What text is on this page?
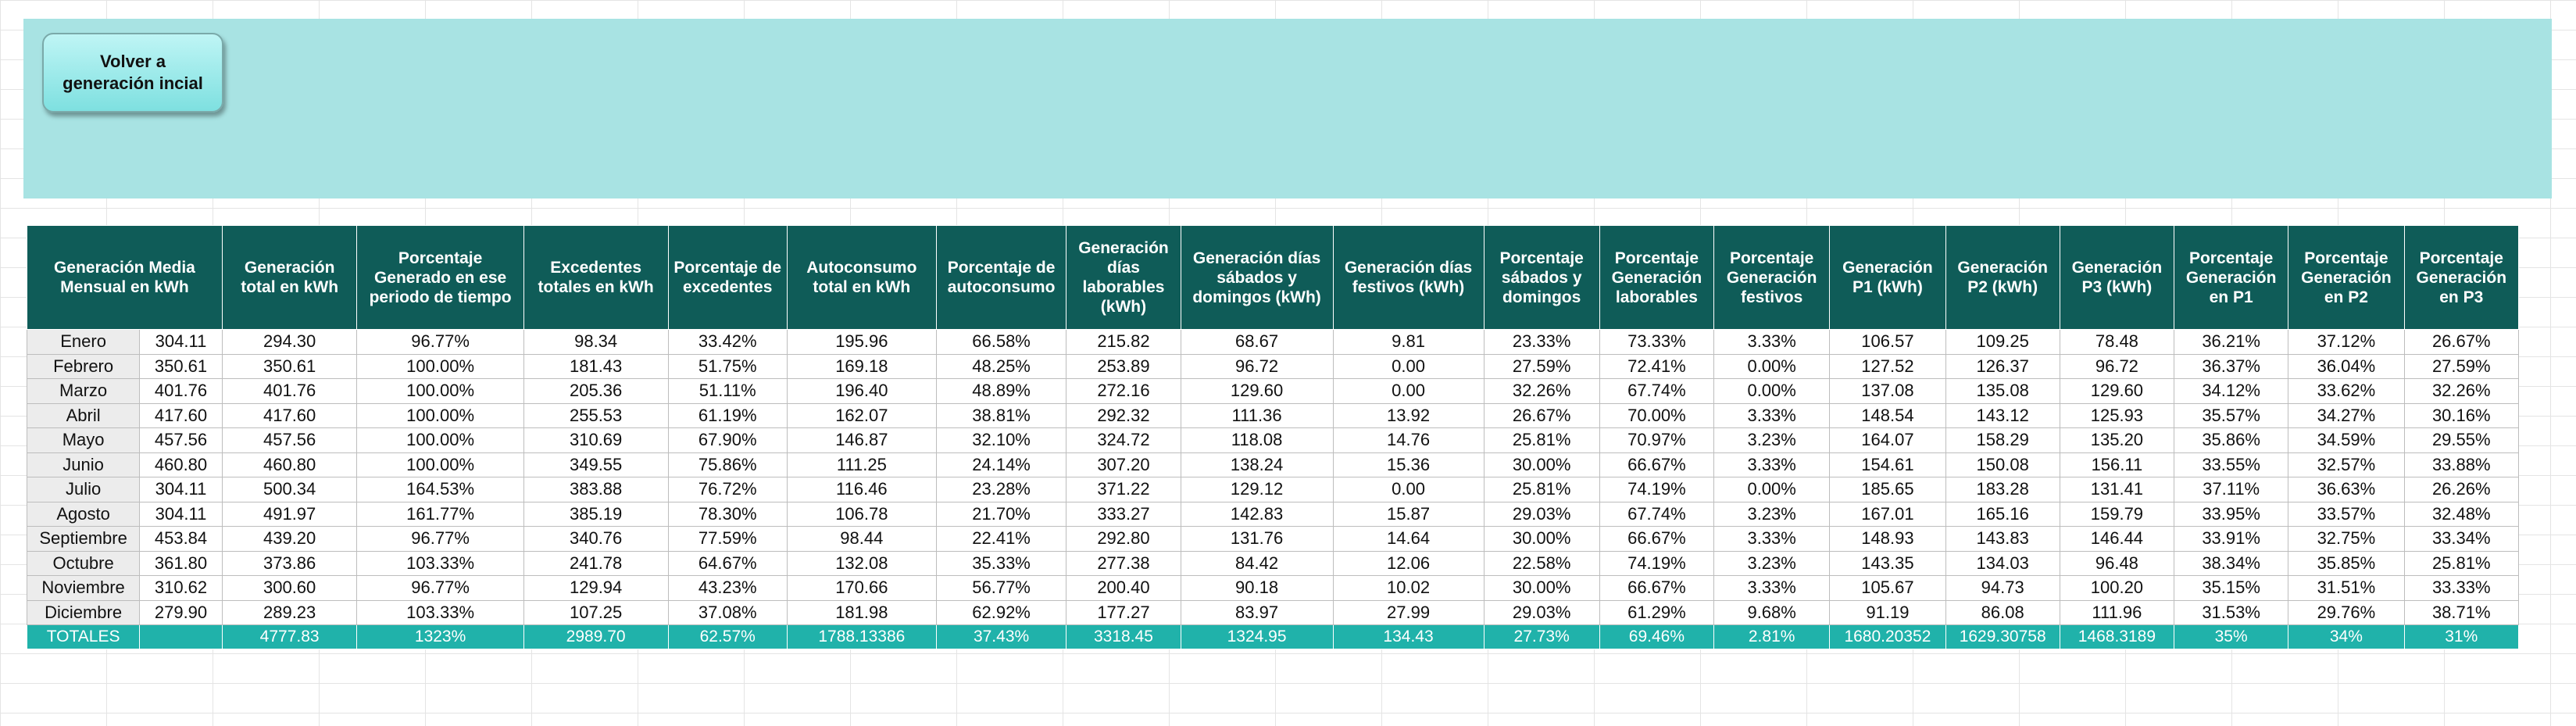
Volver a generación incial
Generación Media Mensual en kWh		Generación total en kWh	Porcentaje Generado en ese periodo de tiempo	Excedentes totales en kWh	Porcentaje de excedentes	Autoconsumo total en kWh	Porcentaje de autoconsumo	Generación días laborables (kWh)	Generación días sábados y domingos (kWh)	Generación días festivos (kWh)	Porcentaje sábados y domingos	Porcentaje Generación laborables	Porcentaje Generación festivos	Generación P1 (kWh)	Generación P2 (kWh)	Generación P3 (kWh)	Porcentaje Generación en P1	Porcentaje Generación en P2	Porcentaje Generación en P3
Enero	304.11	294.30	96.77%	98.34	33.42%	195.96	66.58%	215.82	68.67	9.81	23.33%	73.33%	3.33%	106.57	109.25	78.48	36.21%	37.12%	26.67%
Febrero	350.61	350.61	100.00%	181.43	51.75%	169.18	48.25%	253.89	96.72	0.00	27.59%	72.41%	0.00%	127.52	126.37	96.72	36.37%	36.04%	27.59%
Marzo	401.76	401.76	100.00%	205.36	51.11%	196.40	48.89%	272.16	129.60	0.00	32.26%	67.74%	0.00%	137.08	135.08	129.60	34.12%	33.62%	32.26%
Abril	417.60	417.60	100.00%	255.53	61.19%	162.07	38.81%	292.32	111.36	13.92	26.67%	70.00%	3.33%	148.54	143.12	125.93	35.57%	34.27%	30.16%
Mayo	457.56	457.56	100.00%	310.69	67.90%	146.87	32.10%	324.72	118.08	14.76	25.81%	70.97%	3.23%	164.07	158.29	135.20	35.86%	34.59%	29.55%
Junio	460.80	460.80	100.00%	349.55	75.86%	111.25	24.14%	307.20	138.24	15.36	30.00%	66.67%	3.33%	154.61	150.08	156.11	33.55%	32.57%	33.88%
Julio	304.11	500.34	164.53%	383.88	76.72%	116.46	23.28%	371.22	129.12	0.00	25.81%	74.19%	0.00%	185.65	183.28	131.41	37.11%	36.63%	26.26%
Agosto	304.11	491.97	161.77%	385.19	78.30%	106.78	21.70%	333.27	142.83	15.87	29.03%	67.74%	3.23%	167.01	165.16	159.79	33.95%	33.57%	32.48%
Septiembre	453.84	439.20	96.77%	340.76	77.59%	98.44	22.41%	292.80	131.76	14.64	30.00%	66.67%	3.33%	148.93	143.83	146.44	33.91%	32.75%	33.34%
Octubre	361.80	373.86	103.33%	241.78	64.67%	132.08	35.33%	277.38	84.42	12.06	22.58%	74.19%	3.23%	143.35	134.03	96.48	38.34%	35.85%	25.81%
Noviembre	310.62	300.60	96.77%	129.94	43.23%	170.66	56.77%	200.40	90.18	10.02	30.00%	66.67%	3.33%	105.67	94.73	100.20	35.15%	31.51%	33.33%
Diciembre	279.90	289.23	103.33%	107.25	37.08%	181.98	62.92%	177.27	83.97	27.99	29.03%	61.29%	9.68%	91.19	86.08	111.96	31.53%	29.76%	38.71%
TOTALES		4777.83	1323%	2989.70	62.57%	1788.13386	37.43%	3318.45	1324.95	134.43	27.73%	69.46%	2.81%	1680.20352	1629.30758	1468.3189	35%	34%	31%
